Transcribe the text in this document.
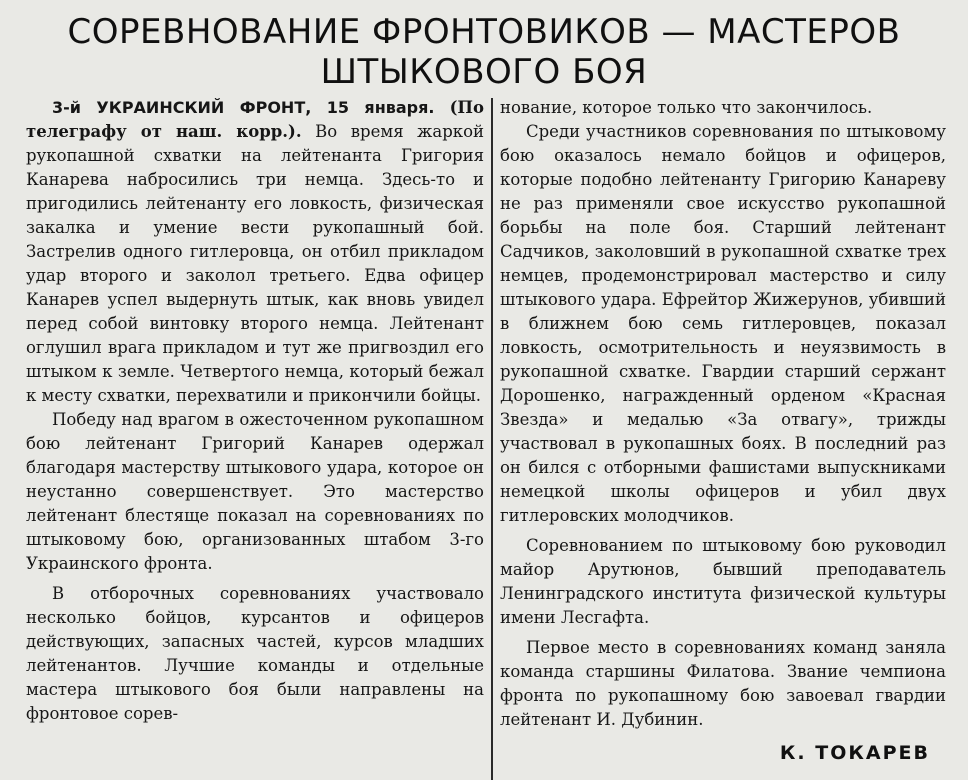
СОРЕВНОВАНИЕ ФРОНТОВИКОВ — МАСТЕРОВ
ШТЫКОВОГО БОЯ

3-й УКРАИНСКИЙ ФРОНТ, 15 января. (По телеграфу от наш. корр.). Во время жаркой рукопашной схватки на лейтенанта Григория Канарева набросились три немца. Здесь-то и пригодились лейтенанту его ловкость, физическая закалка и умение вести рукопашный бой. Застрелив одного гитлеровца, он отбил прикладом удар второго и заколол третьего. Едва офицер Канарев успел выдернуть штык, как вновь увидел перед собой винтовку второго немца. Лейтенант оглушил врага прикладом и тут же пригвоздил его штыком к земле. Четвертого немца, который бежал к месту схватки, перехватили и прикончили бойцы.

Победу над врагом в ожесточенном рукопашном бою лейтенант Григорий Канарев одержал благодаря мастерству штыкового удара, которое он неустанно совершенствует. Это мастерство лейтенант блестяще показал на соревнованиях по штыковому бою, организованных штабом 3-го Украинского фронта.

В отборочных соревнованиях участвовало несколько бойцов, курсантов и офицеров действующих, запасных частей, курсов младших лейтенантов. Лучшие команды и отдельные мастера штыкового боя были направлены на фронтовое сорев-

нование, которое только что закончилось.

Среди участников соревнования по штыковому бою оказалось немало бойцов и офицеров, которые подобно лейтенанту Григорию Канареву не раз применяли свое искусство рукопашной борьбы на поле боя. Старший лейтенант Садчиков, заколовший в рукопашной схватке трех немцев, продемонстрировал мастерство и силу штыкового удара. Ефрейтор Жижерунов, убивший в ближнем бою семь гитлеровцев, показал ловкость, осмотрительность и неуязвимость в рукопашной схватке. Гвардии старший сержант Дорошенко, награжденный орденом «Красная Звезда» и медалью «За отвагу», трижды участвовал в рукопашных боях. В последний раз он бился с отборными фашистами выпускниками немецкой школы офицеров и убил двух гитлеровских молодчиков.

Соревнованием по штыковому бою руководил майор Арутюнов, бывший преподаватель Ленинградского института физической культуры имени Лесгафта.

Первое место в соревнованиях команд заняла команда старшины Филатова. Звание чемпиона фронта по рукопашному бою завоевал гвардии лейтенант И. Дубинин.

К. ТОКАРЕВ
